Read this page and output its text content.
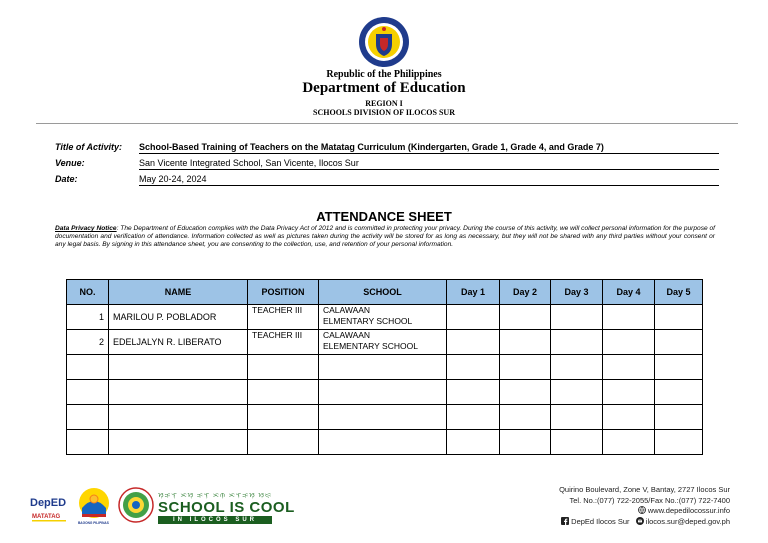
Republic of the Philippines
Department of Education
REGION I
SCHOOLS DIVISION OF ILOCOS SUR
Title of Activity: School-Based Training of Teachers on the Matatag Curriculum (Kindergarten, Grade 1, Grade 4, and Grade 7)
Venue:	San Vicente Integrated School, San Vicente, Ilocos Sur
Date:	May 20-24, 2024
ATTENDANCE SHEET
Data Privacy Notice: The Department of Education complies with the Data Privacy Act of 2012 and is committed in protecting your privacy. During the course of this activity, we will collect personal information for the purpose of documentation and verification of attendance. Information collected as well as pictures taken during the activity will be stored for as long as necessary, but they will not be shared with any third parties without your consent or any legal basis. By signing in this attendance sheet, you are consenting to the collection, use, and retention of your personal information.
NO.	NAME	POSITION	SCHOOL	Day 1	Day 2	Day 3	Day 4	Day 5
1	MARILOU P. POBLADOR	TEACHER III	CALAWAAN
ELMENTARY SCHOOL					

2	EDELJALYN R. LIBERATO	TEACHER III	CALAWAAN
ELEMENTARY SCHOOL					

DepED
MATATAG
BAGONG PILIPINAS
ᜐ᜔ᜃᜓᜎ᜔ ᜁᜐ᜔ ᜃᜓᜎ᜔ ᜁᜈ᜔ ᜁᜎᜓᜃᜓᜐ᜔ ᜐᜓᜇ᜔
SCHOOL IS COOL
IN ILOCOS SUR
Quirino Boulevard, Zone V, Bantay, 2727 Ilocos Sur
Tel. No.:(077) 722-2055/Fax No.:(077) 722-7400
www.depedilocossur.info
DepEd Ilocos Sur ilocos.sur@deped.gov.ph
